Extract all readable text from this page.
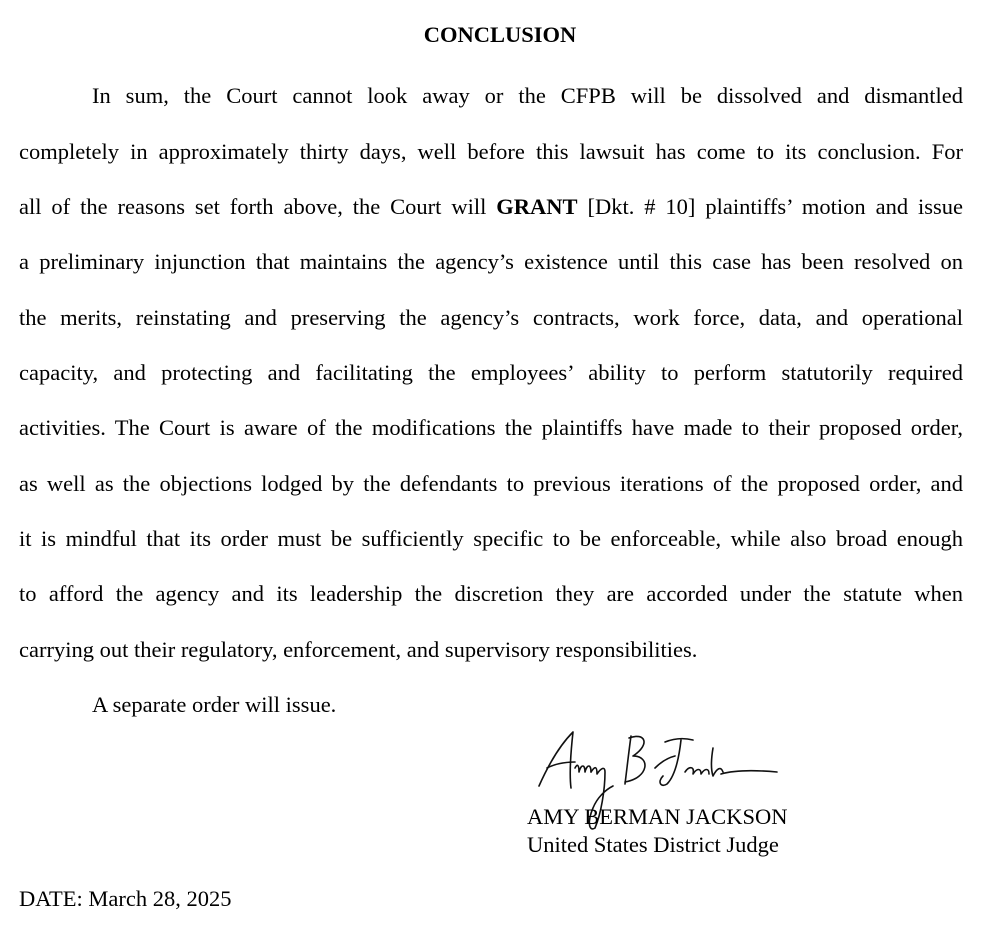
CONCLUSION
In sum, the Court cannot look away or the CFPB will be dissolved and dismantled
completely in approximately thirty days, well before this lawsuit has come to its conclusion. For
all of the reasons set forth above, the Court will GRANT [Dkt. # 10] plaintiffs’ motion and issue
a preliminary injunction that maintains the agency’s existence until this case has been resolved on
the merits, reinstating and preserving the agency’s contracts, work force, data, and operational
capacity, and protecting and facilitating the employees’ ability to perform statutorily required
activities. The Court is aware of the modifications the plaintiffs have made to their proposed order,
as well as the objections lodged by the defendants to previous iterations of the proposed order, and
it is mindful that its order must be sufficiently specific to be enforceable, while also broad enough
to afford the agency and its leadership the discretion they are accorded under the statute when
carrying out their regulatory, enforcement, and supervisory responsibilities.
A separate order will issue.
AMY BERMAN JACKSON
United States District Judge
DATE: March 28, 2025
